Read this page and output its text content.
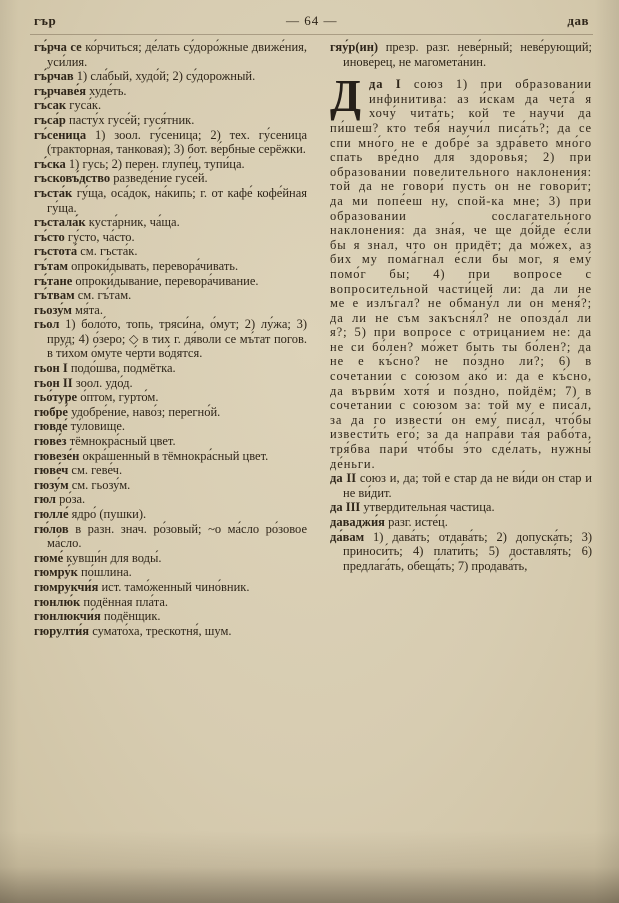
гър	— 64 —	дав

гъ́рча се ко́рчиться; де́лать су́доро́жные движе́ния, уси́лия.

гъ́рчав 1) сла́бый, худо́й; 2) су́дорожный.

гърчаве́я худе́ть.

гъ́сак гуса́к.

гъса́р пасту́х гусе́й; гуся́тник.

гъ́сеница 1) зоол. гу́сеница; 2) тех. гу́сеница (тракторная, танковая); 3) бот. ве́рбные серёжки.

гъ́ска 1) гусь; 2) перен. глупе́ц, тупи́ца.

гъсковъ́дство разведе́ние гусе́й.

гъста́к гу́ща, оса́док, на́кипь; г. от кафе́ кофе́йная гу́ща.

гъстала́к куста́рник, ча́ща.

гъ́сто гу́сто, ча́сто.

гъстота́ см. гъста́к.

гъ́там опроки́дывать, перевора́чивать.

гъ́тане опроки́дывание, перевора́чивание.

гъ́твам см. гъ́там.

гьозу́м мя́та.

гьол 1) боло́то, топь, тряси́на, о́мут; 2) лу́жа; 3) пруд; 4) о́зеро; ◇ в тих г. дя́воли се мъ́тат погов. в ти́хом о́муте че́рти во́дятся.

гьон I подо́шва, подмётка.

гьон II зоол. удо́д.

гьо́туре о́птом, гурто́м.

гюбре́ удобре́ние, наво́з; перегно́й.

гювде́ ту́ловище.

гюве́з тёмнокра́сный цвет.

гювезе́н окра́шенный в тёмнокра́сный цвет.

гюве́ч см. геве́ч.

гюзу́м см. гьозу́м.

гюл ро́за.

гюлле́ ядро́ (пушки).

гю́лов в разн. знач. ро́зовый; ~о ма́сло ро́зовое ма́сло.

гюме́ кувши́н для воды́.

гюмру́к по́шлина.

гюмрукчи́я ист. тамо́женный чино́вник.

гюнлю́к подённая пла́та.

гюнлюкчи́я подёнщик.

гюрулти́я сумато́ха, трескотня́, шум.

гяу́р(ин) презр. разг. неве́рный; неве́рующий; инове́рец, не магомета́нин.

Дда I союз 1) при образовании инфинитива: аз и́скам да чета́ я хочу́ чита́ть; кой те научи́ да пи́шеш? кто тебя́ научи́л писа́ть?; да се спи мно́го не е добре́ за здра́вето мно́го спать вре́дно для здоро́вья; 2) при образовании повелительного наклонения: той да не говори́ пусть он не говори́т; да ми попе́еш ну, спой-ка мне; 3) при образовании сослагательного наклонения: да зна́я, че ще до́йде е́сли бы я знал, что он придёт; да мо́жех, аз бих му пома́гнал е́сли бы мог, я ему́ помо́г бы; 4) при вопросе с вопросительной части́цей ли: да ли не ме е излъ́гал? не обману́л ли он меня́?; да ли не съм закъсня́л? не опозда́л ли я?; 5) при вопросе с отрицанием не: да не си бо́лен? мо́жет быть ты бо́лен?; да не е къ́сно? не по́здно ли?; 6) в сочетании с союзом ако́ и: да е къ́сно, да върви́м хотя́ и по́здно, пойдём; 7) в сочетании с союзом за: той му е писа́л, за да го извести́ он ему́ писа́л, что́бы извести́ть его́; за да напра́ви та́я рабо́та, тря́бва пари́ что́бы э́то сде́лать, нужны́ де́ньги.

да II союз и, да; той е стар да не ви́ди он стар и не ви́дит.

да III утвердительная частица.

даваджи́я разг. исте́ц.

да́вам 1) дава́ть; отдава́ть; 2) допуска́ть; 3) приноси́ть; 4) плати́ть; 5) доставля́ть; 6) предлага́ть, обеща́ть; 7) продава́ть,
